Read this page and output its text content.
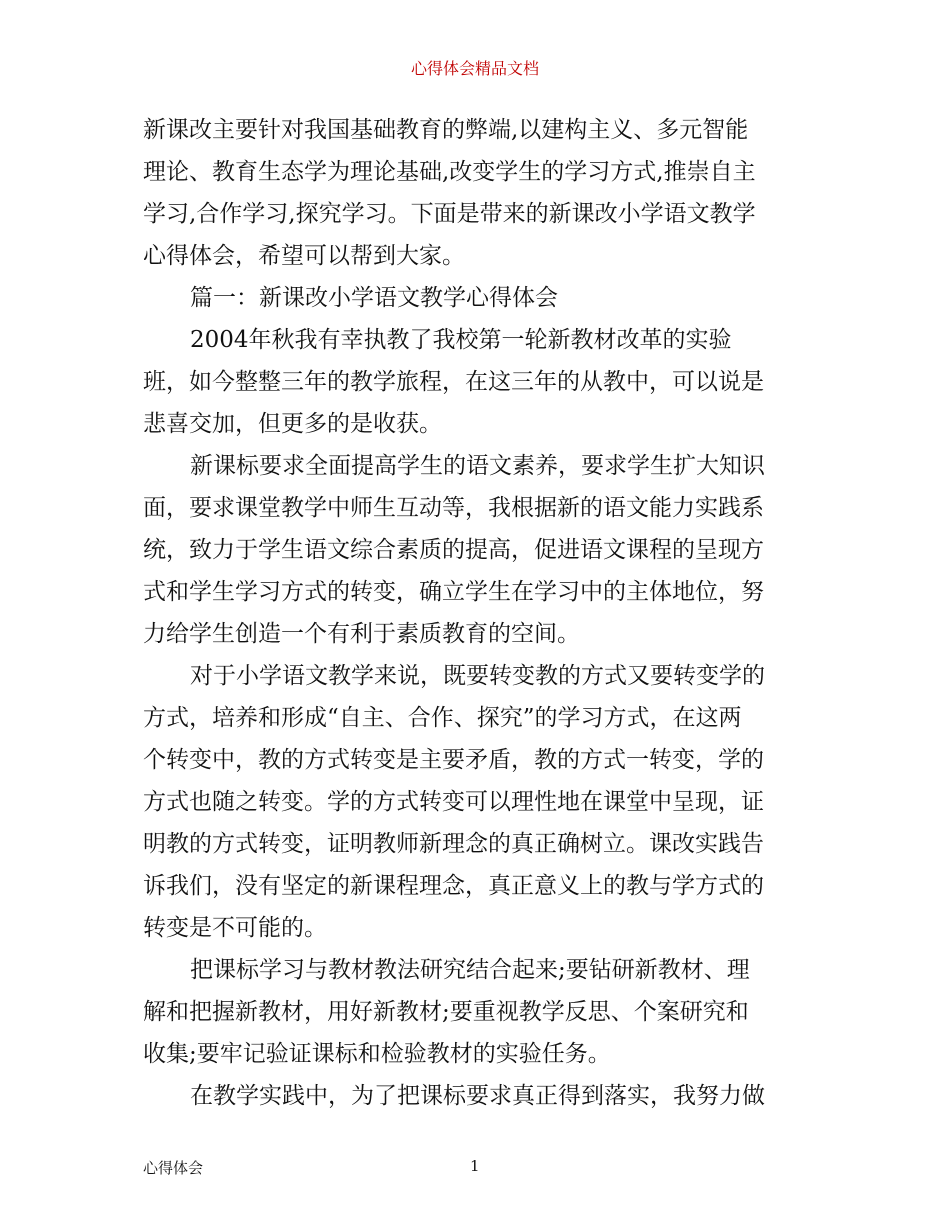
心得体会精品文档
新课改主要针对我国基础教育的弊端,以建构主义、多元智能
理论、教育生态学为理论基础,改变学生的学习方式,推崇自主
学习,合作学习,探究学习。下面是带来的新课改小学语文教学
心得体会，希望可以帮到大家。
篇一：新课改小学语文教学心得体会
2004年秋我有幸执教了我校第一轮新教材改革的实验
班，如今整整三年的教学旅程，在这三年的从教中，可以说是
悲喜交加，但更多的是收获。
新课标要求全面提高学生的语文素养，要求学生扩大知识
面，要求课堂教学中师生互动等，我根据新的语文能力实践系
统，致力于学生语文综合素质的提高，促进语文课程的呈现方
式和学生学习方式的转变，确立学生在学习中的主体地位，努
力给学生创造一个有利于素质教育的空间。
对于小学语文教学来说，既要转变教的方式又要转变学的
方式，培养和形成“自主、合作、探究”的学习方式，在这两
个转变中，教的方式转变是主要矛盾，教的方式一转变，学的
方式也随之转变。学的方式转变可以理性地在课堂中呈现，证
明教的方式转变，证明教师新理念的真正确树立。课改实践告
诉我们，没有坚定的新课程理念，真正意义上的教与学方式的
转变是不可能的。
把课标学习与教材教法研究结合起来;要钻研新教材、理
解和把握新教材，用好新教材;要重视教学反思、个案研究和
收集;要牢记验证课标和检验教材的实验任务。
在教学实践中，为了把课标要求真正得到落实，我努力做
心得体会	1
